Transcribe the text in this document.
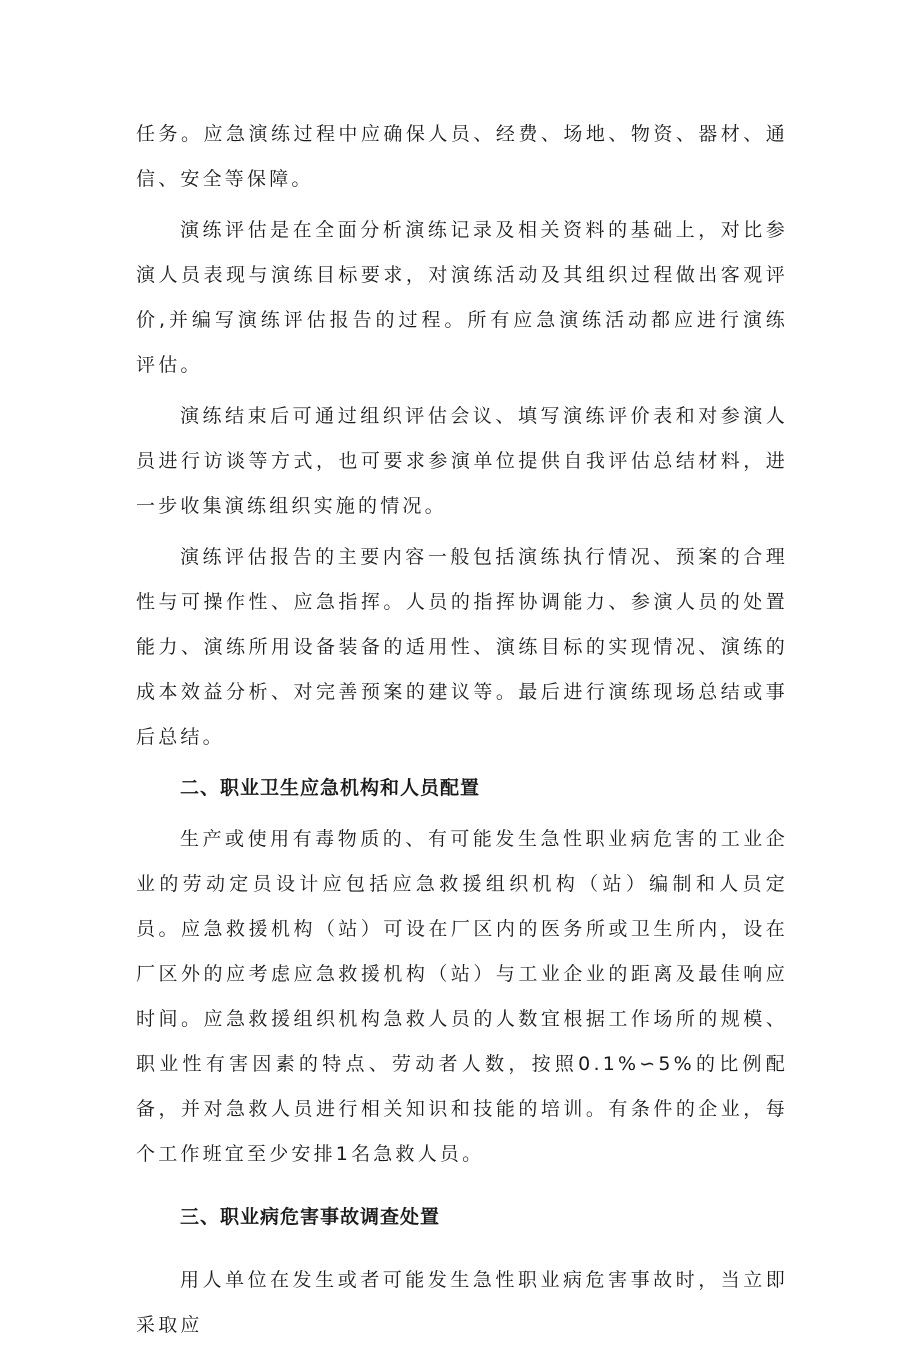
任务。应急演练过程中应确保人员、经费、场地、物资、器材、通信、安全等保障。

演练评估是在全面分析演练记录及相关资料的基础上，对比参演人员表现与演练目标要求，对演练活动及其组织过程做出客观评价,并编写演练评估报告的过程。所有应急演练活动都应进行演练评估。

演练结束后可通过组织评估会议、填写演练评价表和对参演人员进行访谈等方式，也可要求参演单位提供自我评估总结材料，进一步收集演练组织实施的情况。

演练评估报告的主要内容一般包括演练执行情况、预案的合理性与可操作性、应急指挥。人员的指挥协调能力、参演人员的处置能力、演练所用设备装备的适用性、演练目标的实现情况、演练的成本效益分析、对完善预案的建议等。最后进行演练现场总结或事后总结。

二、职业卫生应急机构和人员配置

生产或使用有毒物质的、有可能发生急性职业病危害的工业企业的劳动定员设计应包括应急救援组织机构（站）编制和人员定员。应急救援机构（站）可设在厂区内的医务所或卫生所内，设在厂区外的应考虑应急救援机构（站）与工业企业的距离及最佳响应时间。应急救援组织机构急救人员的人数宜根据工作场所的规模、职业性有害因素的特点、劳动者人数，按照0.1%∽5%的比例配备，并对急救人员进行相关知识和技能的培训。有条件的企业，每个工作班宜至少安排1名急救人员。

三、职业病危害事故调查处置

用人单位在发生或者可能发生急性职业病危害事故时，当立即采取应
